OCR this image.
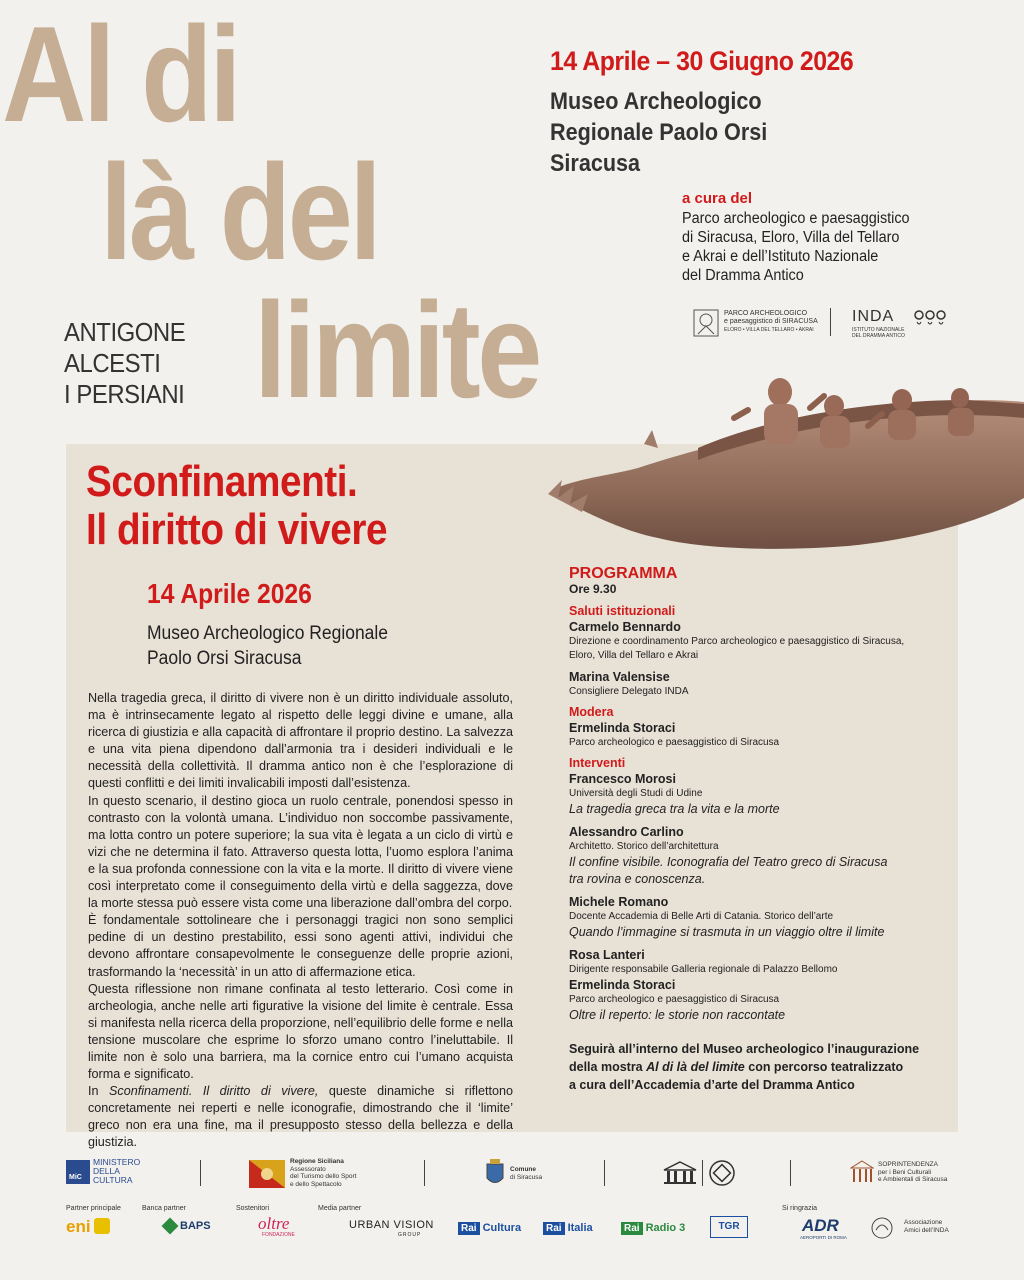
Al di
là del
limite
ANTIGONE
ALCESTI
I PERSIANI
14 Aprile – 30 Giugno 2026
Museo Archeologico
Regionale Paolo Orsi
Siracusa
a cura del
Parco archeologico e paesaggistico
di Siracusa, Eloro, Villa del Tellaro
e Akrai e dell’Istituto Nazionale
del Dramma Antico
PARCO ARCHEOLOGICO
e paesaggistico di SIRACUSA
ELORO • VILLA DEL TELLARO • AKRAI
INDA
ISTITUTO NAZIONALE
DEL DRAMMA ANTICO
Sconfinamenti.
Il diritto di vivere
14 Aprile 2026
Museo Archeologico Regionale
Paolo Orsi Siracusa

Nella tragedia greca, il diritto di vivere non è un diritto individuale assoluto, ma è intrinsecamente legato al rispetto delle leggi divine e umane, alla ricerca di giustizia e alla capacità di affrontare il proprio destino. La salvezza e una vita piena dipendono dall’armonia tra i desideri individuali e le necessità della collettività. Il dramma antico non è che l’esplorazione di questi conflitti e dei limiti invalicabili imposti dall’esistenza.

In questo scenario, il destino gioca un ruolo centrale, ponendosi spesso in contrasto con la volontà umana. L’individuo non soccombe passivamente, ma lotta contro un potere superiore; la sua vita è legata a un ciclo di virtù e vizi che ne determina il fato. Attraverso questa lotta, l’uomo esplora l’anima e la sua profonda connessione con la vita e la morte. Il diritto di vivere viene così interpretato come il conseguimento della virtù e della saggezza, dove la morte stessa può essere vista come una liberazione dall’ombra del corpo.

È fondamentale sottolineare che i personaggi tragici non sono semplici pedine di un destino prestabilito, essi sono agenti attivi, individui che devono affrontare consapevolmente le conseguenze delle proprie azioni, trasformando la ‘necessità’ in un atto di affermazione etica.

Questa riflessione non rimane confinata al testo letterario. Così come in archeologia, anche nelle arti figurative la visione del limite è centrale. Essa si manifesta nella ricerca della proporzione, nell’equilibrio delle forme e nella tensione muscolare che esprime lo sforzo umano contro l’ineluttabile. Il limite non è solo una barriera, ma la cornice entro cui l’umano acquista forma e significato.

In Sconfinamenti. Il diritto di vivere, queste dinamiche si riflettono concretamente nei reperti e nelle iconografie, dimostrando che il ‘limite’ greco non era una fine, ma il presupposto stesso della bellezza e della giustizia.

PROGRAMMA
Ore 9.30
Saluti istituzionali
Carmelo Bennardo
Direzione e coordinamento Parco archeologico e paesaggistico di Siracusa,
Eloro, Villa del Tellaro e Akrai
Marina Valensise
Consigliere Delegato INDA
Modera
Ermelinda Storaci
Parco archeologico e paesaggistico di Siracusa
Interventi
Francesco Morosi
Università degli Studi di Udine
La tragedia greca tra la vita e la morte
Alessandro Carlino
Architetto. Storico dell’architettura
Il confine visibile. Iconografia del Teatro greco di Siracusa
tra rovina e conoscenza.
Michele Romano
Docente Accademia di Belle Arti di Catania. Storico dell’arte
Quando l’immagine si trasmuta in un viaggio oltre il limite
Rosa Lanteri
Dirigente responsabile Galleria regionale di Palazzo Bellomo
Ermelinda Storaci
Parco archeologico e paesaggistico di Siracusa
Oltre il reperto: le storie non raccontate
Seguirà all’interno del Museo archeologico l’inaugurazione
della mostra Al di là del limite con percorso teatralizzato
a cura dell’Accademia d’arte del Dramma Antico
MiC
MINISTERO
DELLA
CULTURA
Regione Siciliana
Assessorato
del Turismo dello Sport
e dello Spettacolo
Comune
di Siracusa
SOPRINTENDENZA
per i Beni Culturali
e Ambientali di Siracusa
Partner principale	Banca partner	Sostenitori	Media partner	Si ringrazia
eni	BAPS	oltre
FONDAZIONE
URBAN VISION
GROUP
Rai Cultura	Rai Italia	Rai Radio 3	TGR	ADR
AEROPORTI DI ROMA
Associazione
Amici dell’INDA
